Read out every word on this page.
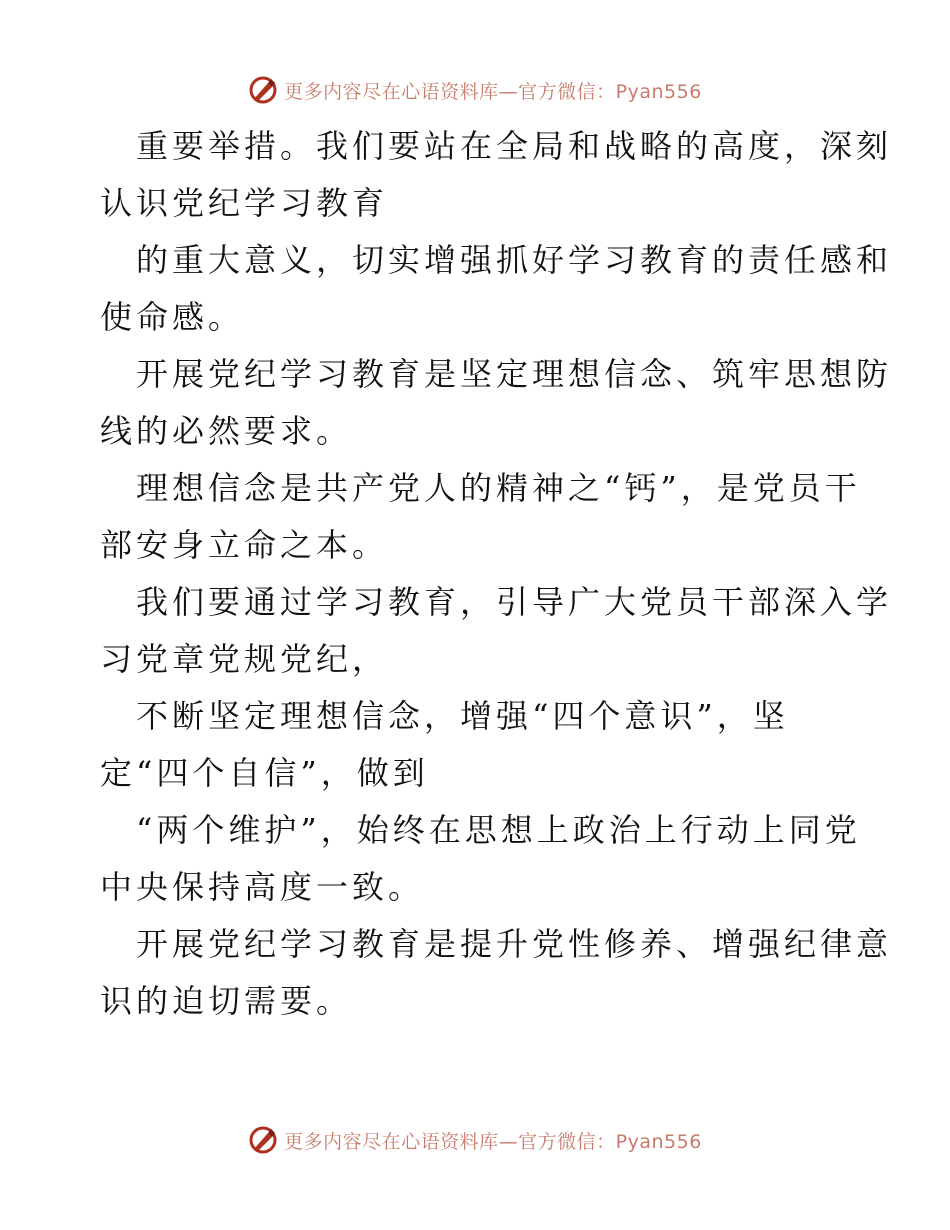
更多内容尽在心语资料库—官方微信：Pyan556

重要举措。我们要站在全局和战略的高度，深刻
认识党纪学习教育

的重大意义，切实增强抓好学习教育的责任感和
使命感。

开展党纪学习教育是坚定理想信念、筑牢思想防
线的必然要求。

理想信念是共产党人的精神之“钙”，是党员干
部安身立命之本。

我们要通过学习教育，引导广大党员干部深入学
习党章党规党纪，

不断坚定理想信念，增强“四个意识”，坚
定“四个自信”，做到

“两个维护”，始终在思想上政治上行动上同党
中央保持高度一致。

开展党纪学习教育是提升党性修养、增强纪律意
识的迫切需要。

更多内容尽在心语资料库—官方微信：Pyan556
